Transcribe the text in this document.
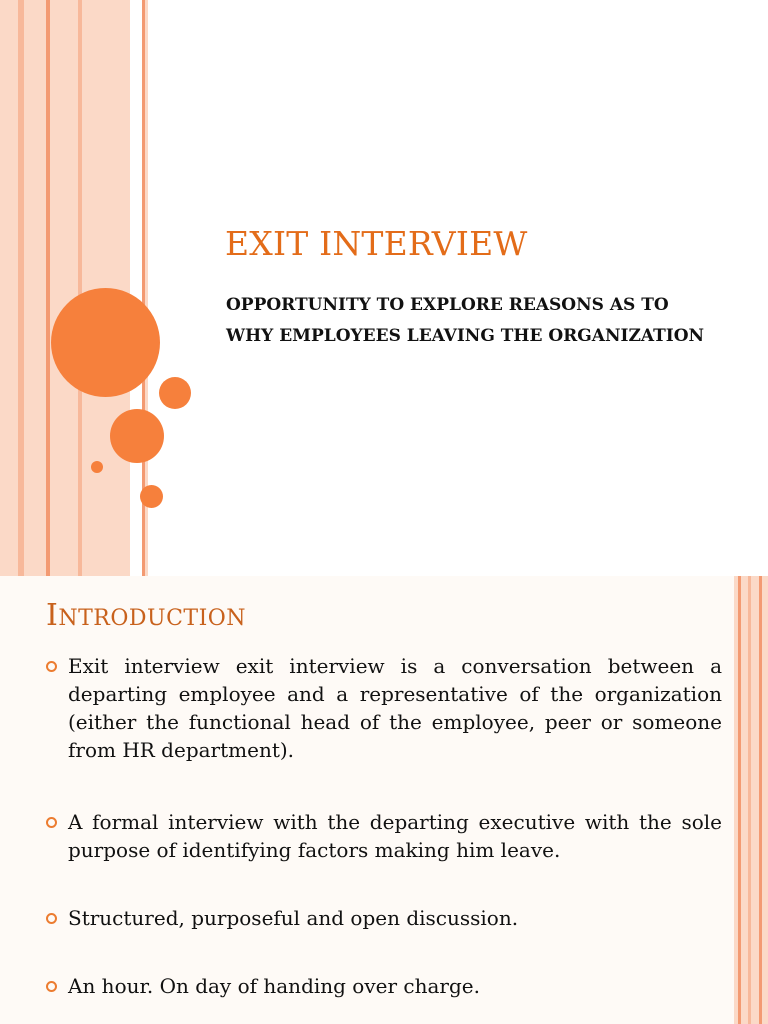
EXIT INTERVIEW

OPPORTUNITY TO EXPLORE REASONS AS TO
WHY EMPLOYEES LEAVING THE ORGANIZATION

INTRODUCTION
Exit interview exit interview is a conversation between a departing employee and a representative of the organization (either the functional head of the employee, peer or someone from HR department).
A formal interview with the departing executive with the sole purpose of identifying factors making him leave.
Structured, purposeful and open discussion.
An hour. On day of handing over charge.
